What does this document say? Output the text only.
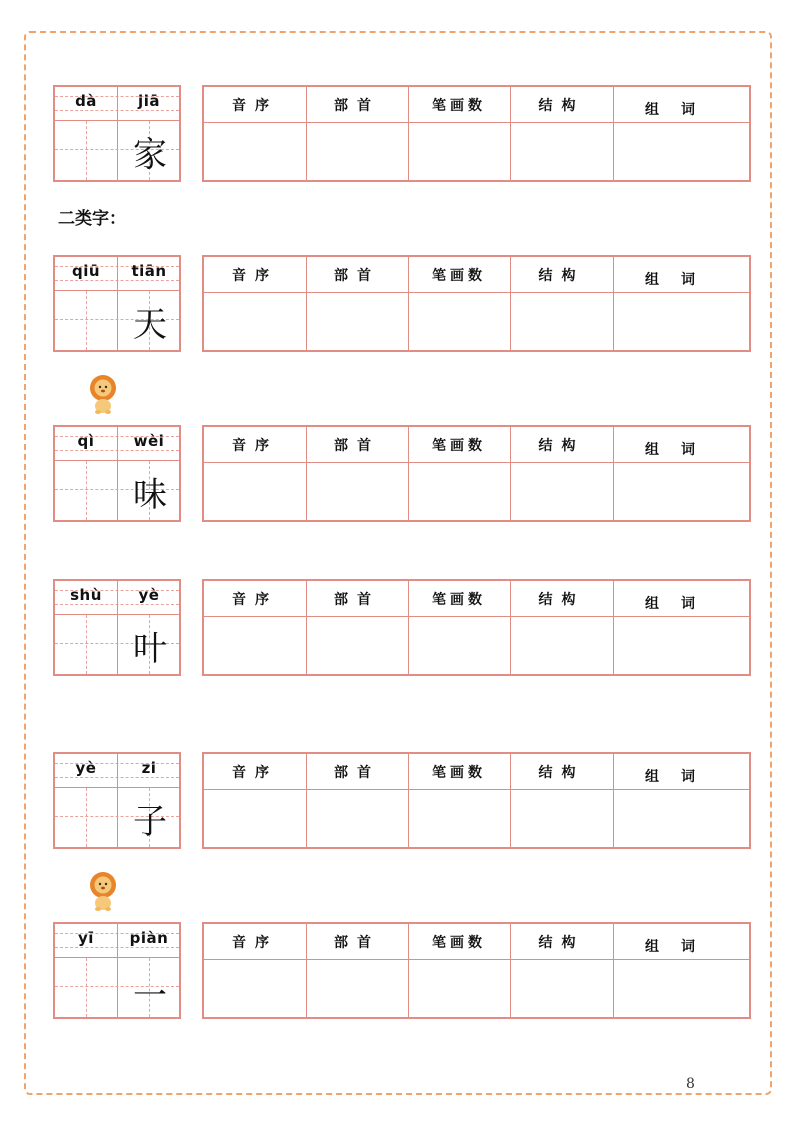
二类字：
dà	jiā
家
音序	部首	笔画数	结构	组词
qiū	tiān
天
音序	部首	笔画数	结构	组词
qì	wèi
味
音序	部首	笔画数	结构	组词
shù	yè
叶
音序	部首	笔画数	结构	组词
yè	zi
子
音序	部首	笔画数	结构	组词
yī	piàn
一
音序	部首	笔画数	结构	组词
8
